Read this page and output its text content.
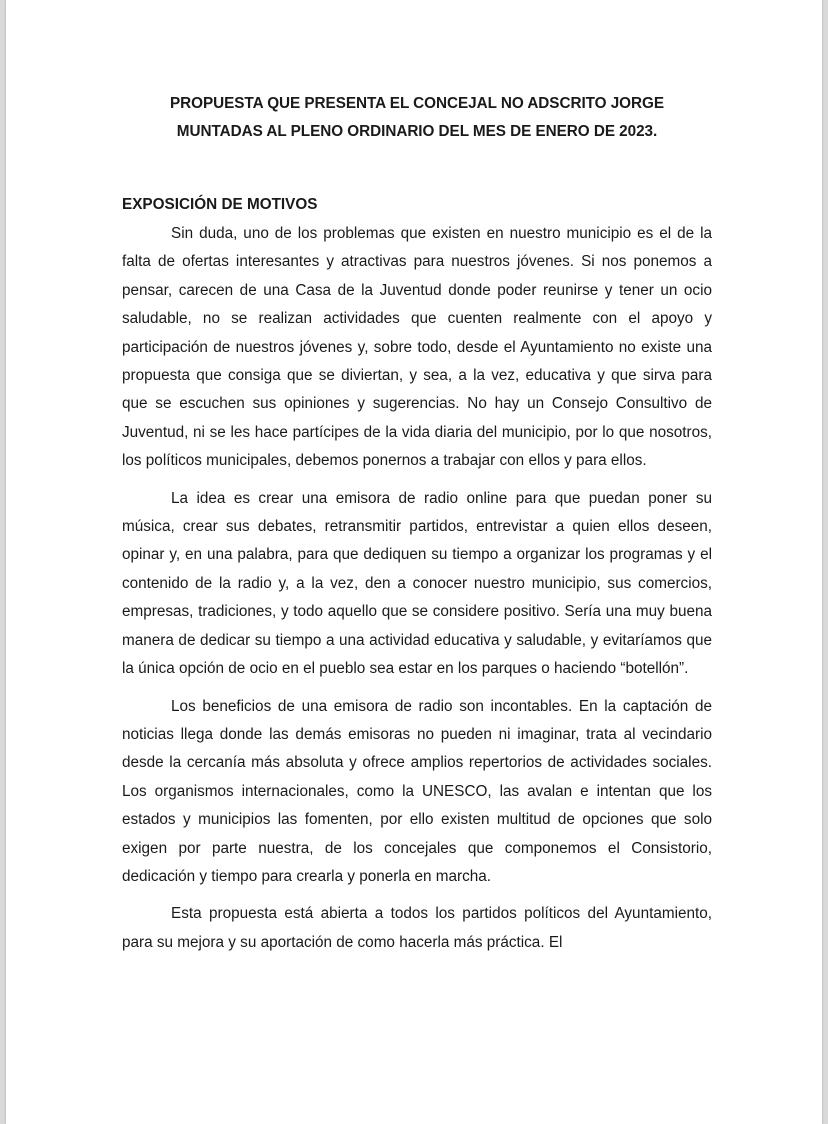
PROPUESTA QUE PRESENTA EL CONCEJAL NO ADSCRITO JORGE
MUNTADAS AL PLENO ORDINARIO DEL MES DE ENERO DE 2023.
EXPOSICIÓN DE MOTIVOS

Sin duda, uno de los problemas que existen en nuestro municipio es el de la falta de ofertas interesantes y atractivas para nuestros jóvenes. Si nos ponemos a pensar, carecen de una Casa de la Juventud donde poder reunirse y tener un ocio saludable, no se realizan actividades que cuenten realmente con el apoyo y participación de nuestros jóvenes y, sobre todo, desde el Ayuntamiento no existe una propuesta que consiga que se diviertan, y sea, a la vez, educativa y que sirva para que se escuchen sus opiniones y sugerencias. No hay un Consejo Consultivo de Juventud, ni se les hace partícipes de la vida diaria del municipio, por lo que nosotros, los políticos municipales, debemos ponernos a trabajar con ellos y para ellos.

La idea es crear una emisora de radio online para que puedan poner su música, crear sus debates, retransmitir partidos, entrevistar a quien ellos deseen, opinar y, en una palabra, para que dediquen su tiempo a organizar los programas y el contenido de la radio y, a la vez, den a conocer nuestro municipio, sus comercios, empresas, tradiciones, y todo aquello que se considere positivo. Sería una muy buena manera de dedicar su tiempo a una actividad educativa y saludable, y evitaríamos que la única opción de ocio en el pueblo sea estar en los parques o haciendo “botellón”.

Los beneficios de una emisora de radio son incontables. En la captación de noticias llega donde las demás emisoras no pueden ni imaginar, trata al vecindario desde la cercanía más absoluta y ofrece amplios repertorios de actividades sociales. Los organismos internacionales, como la UNESCO, las avalan e intentan que los estados y municipios las fomenten, por ello existen multitud de opciones que solo exigen por parte nuestra, de los concejales que componemos el Consistorio, dedicación y tiempo para crearla y ponerla en marcha.

Esta propuesta está abierta a todos los partidos políticos del Ayuntamiento, para su mejora y su aportación de como hacerla más práctica. El
